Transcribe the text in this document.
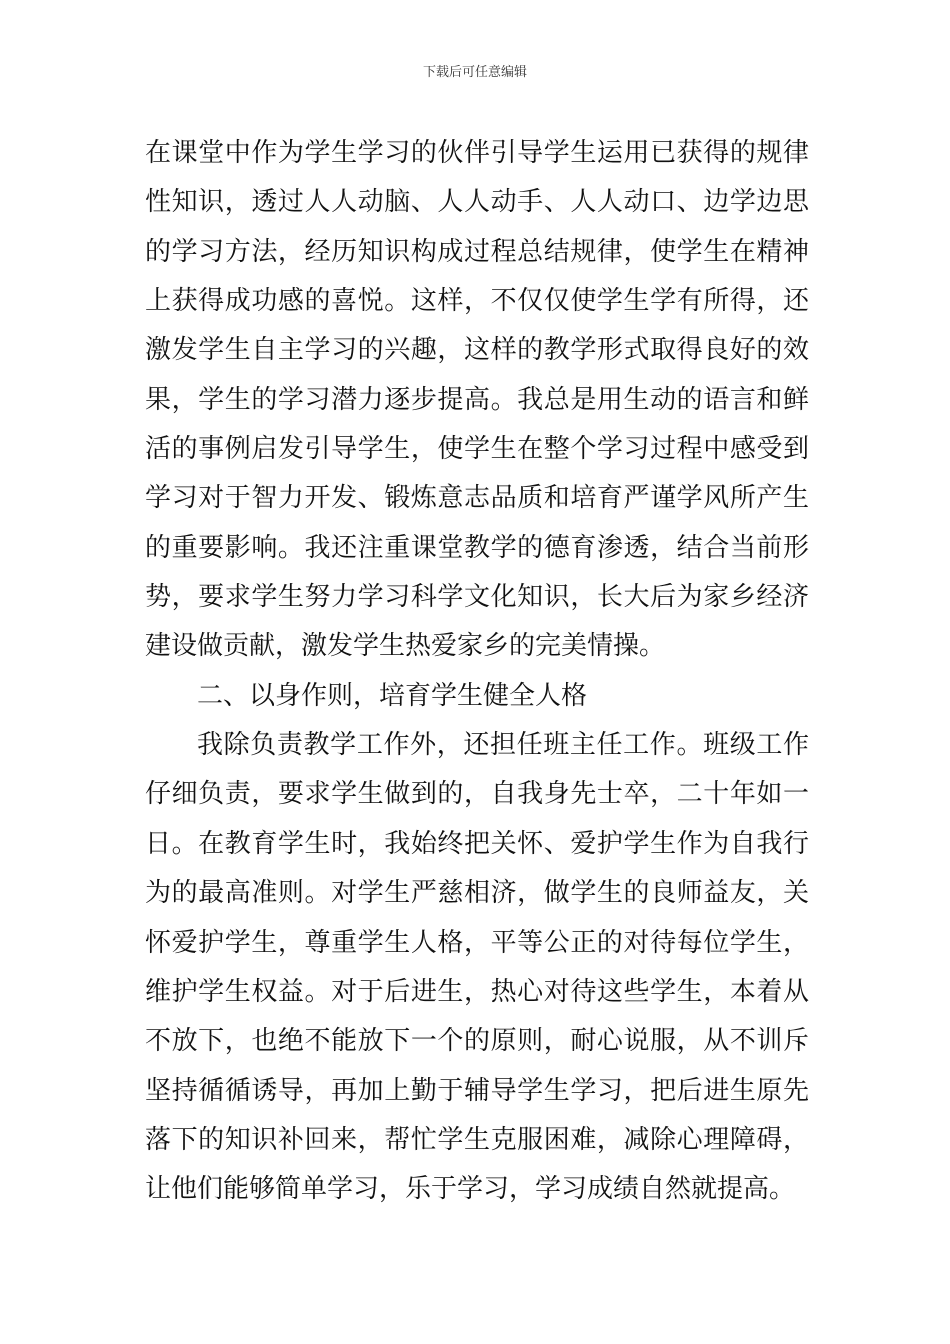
下载后可任意编辑
在课堂中作为学生学习的伙伴引导学生运用已获得的规律
性知识，透过人人动脑、人人动手、人人动口、边学边思
的学习方法，经历知识构成过程总结规律，使学生在精神
上获得成功感的喜悦。这样，不仅仅使学生学有所得，还
激发学生自主学习的兴趣，这样的教学形式取得良好的效
果，学生的学习潜力逐步提高。我总是用生动的语言和鲜
活的事例启发引导学生，使学生在整个学习过程中感受到
学习对于智力开发、锻炼意志品质和培育严谨学风所产生
的重要影响。我还注重课堂教学的德育渗透，结合当前形
势，要求学生努力学习科学文化知识，长大后为家乡经济
建设做贡献，激发学生热爱家乡的完美情操。
二、以身作则，培育学生健全人格
我除负责教学工作外，还担任班主任工作。班级工作
仔细负责，要求学生做到的，自我身先士卒，二十年如一
日。在教育学生时，我始终把关怀、爱护学生作为自我行
为的最高准则。对学生严慈相济，做学生的良师益友，关
怀爱护学生，尊重学生人格，平等公正的对待每位学生，
维护学生权益。对于后进生，热心对待这些学生，本着从
不放下，也绝不能放下一个的原则，耐心说服，从不训斥
坚持循循诱导，再加上勤于辅导学生学习，把后进生原先
落下的知识补回来，帮忙学生克服困难，减除心理障碍，
让他们能够简单学习，乐于学习，学习成绩自然就提高。
